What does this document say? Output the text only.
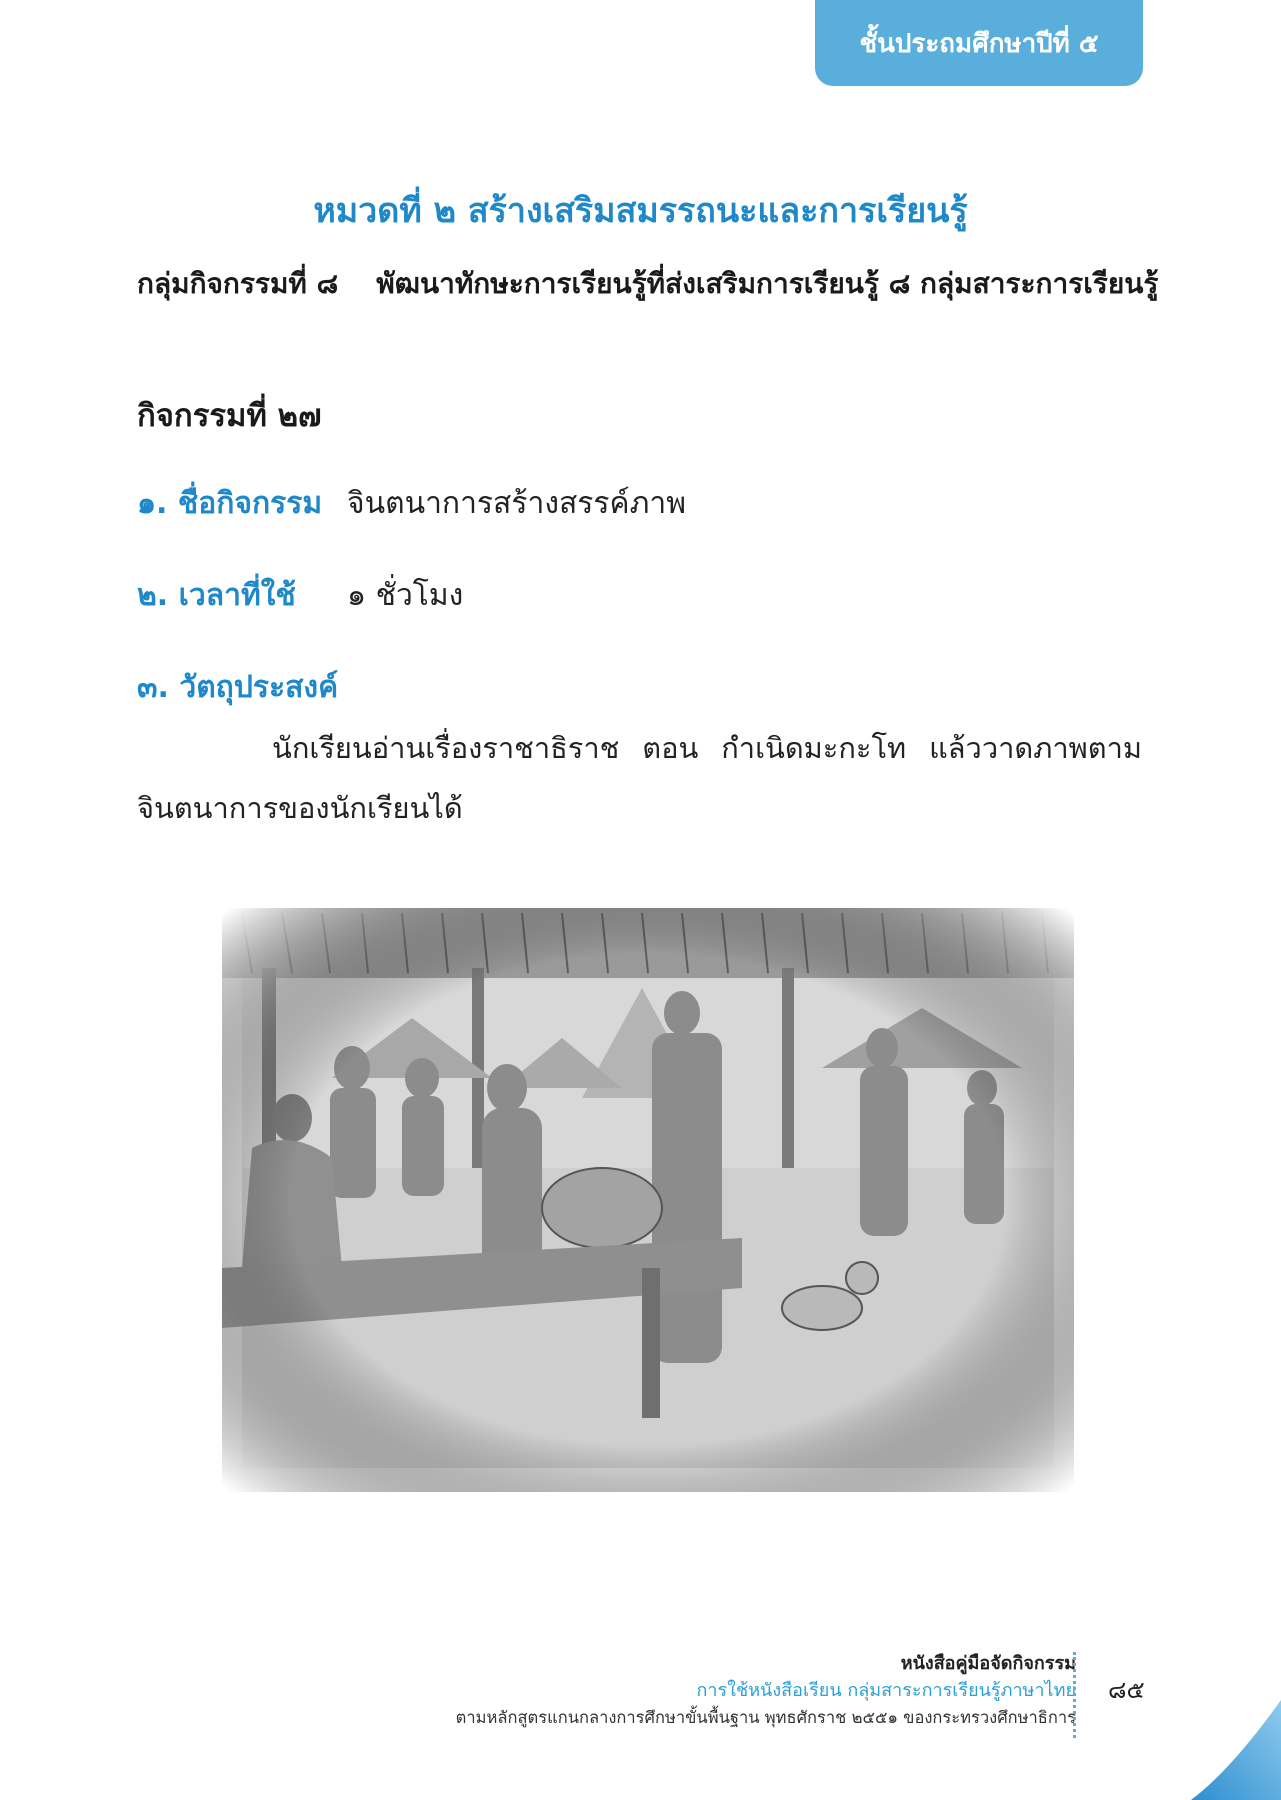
ชั้นประถมศึกษาปีที่ ๕
หมวดที่ ๒ สร้างเสริมสมรรถนะและการเรียนรู้
กลุ่มกิจกรรมที่ ๘ พัฒนาทักษะการเรียนรู้ที่ส่งเสริมการเรียนรู้ ๘ กลุ่มสาระการเรียนรู้
กิจกรรมที่ ๒๗
๑. ชื่อกิจกรรม จินตนาการสร้างสรรค์ภาพ
๒. เวลาที่ใช้ ๑ ชั่วโมง
๓. วัตถุประสงค์
นักเรียนอ่านเรื่องราชาธิราช ตอน กำเนิดมะกะโท แล้ววาดภาพตามจินตนาการของนักเรียนได้
หนังสือคู่มือจัดกิจกรรม
การใช้หนังสือเรียน กลุ่มสาระการเรียนรู้ภาษาไทย
ตามหลักสูตรแกนกลางการศึกษาขั้นพื้นฐาน พุทธศักราช ๒๕๕๑ ของกระทรวงศึกษาธิการ
๘๕
